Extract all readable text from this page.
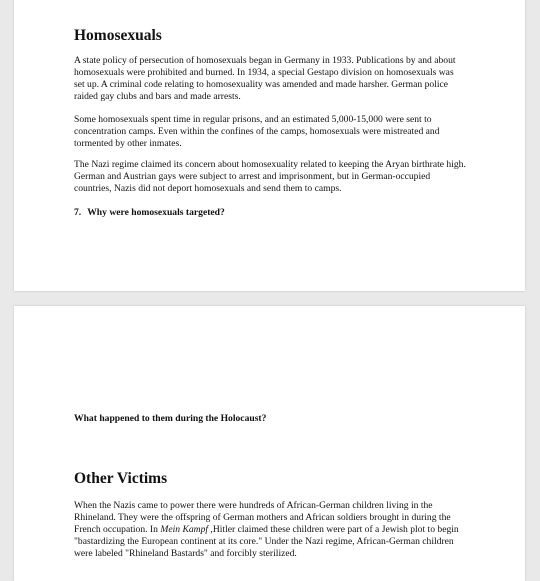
Homosexuals

A state policy of persecution of homosexuals began in Germany in 1933. Publications by and about homosexuals were prohibited and burned. In 1934, a special Gestapo division on homosexuals was set up. A criminal code relating to homosexuality was amended and made harsher. German police raided gay clubs and bars and made arrests.

Some homosexuals spent time in regular prisons, and an estimated 5,000-15,000 were sent to concentration camps. Even within the confines of the camps, homosexuals were mistreated and tormented by other inmates.

The Nazi regime claimed its concern about homosexuality related to keeping the Aryan birthrate high. German and Austrian gays were subject to arrest and imprisonment, but in German-occupied countries, Nazis did not deport homosexuals and send them to camps.

7. Why were homosexuals targeted?

What happened to them during the Holocaust?

Other Victims

When the Nazis came to power there were hundreds of African-German children living in the Rhineland. They were the offspring of German mothers and African soldiers brought in during the French occupation. In Mein Kampf ,Hitler claimed these children were part of a Jewish plot to begin "bastardizing the European continent at its core." Under the Nazi regime, African-German children were labeled "Rhineland Bastards" and forcibly sterilized.
